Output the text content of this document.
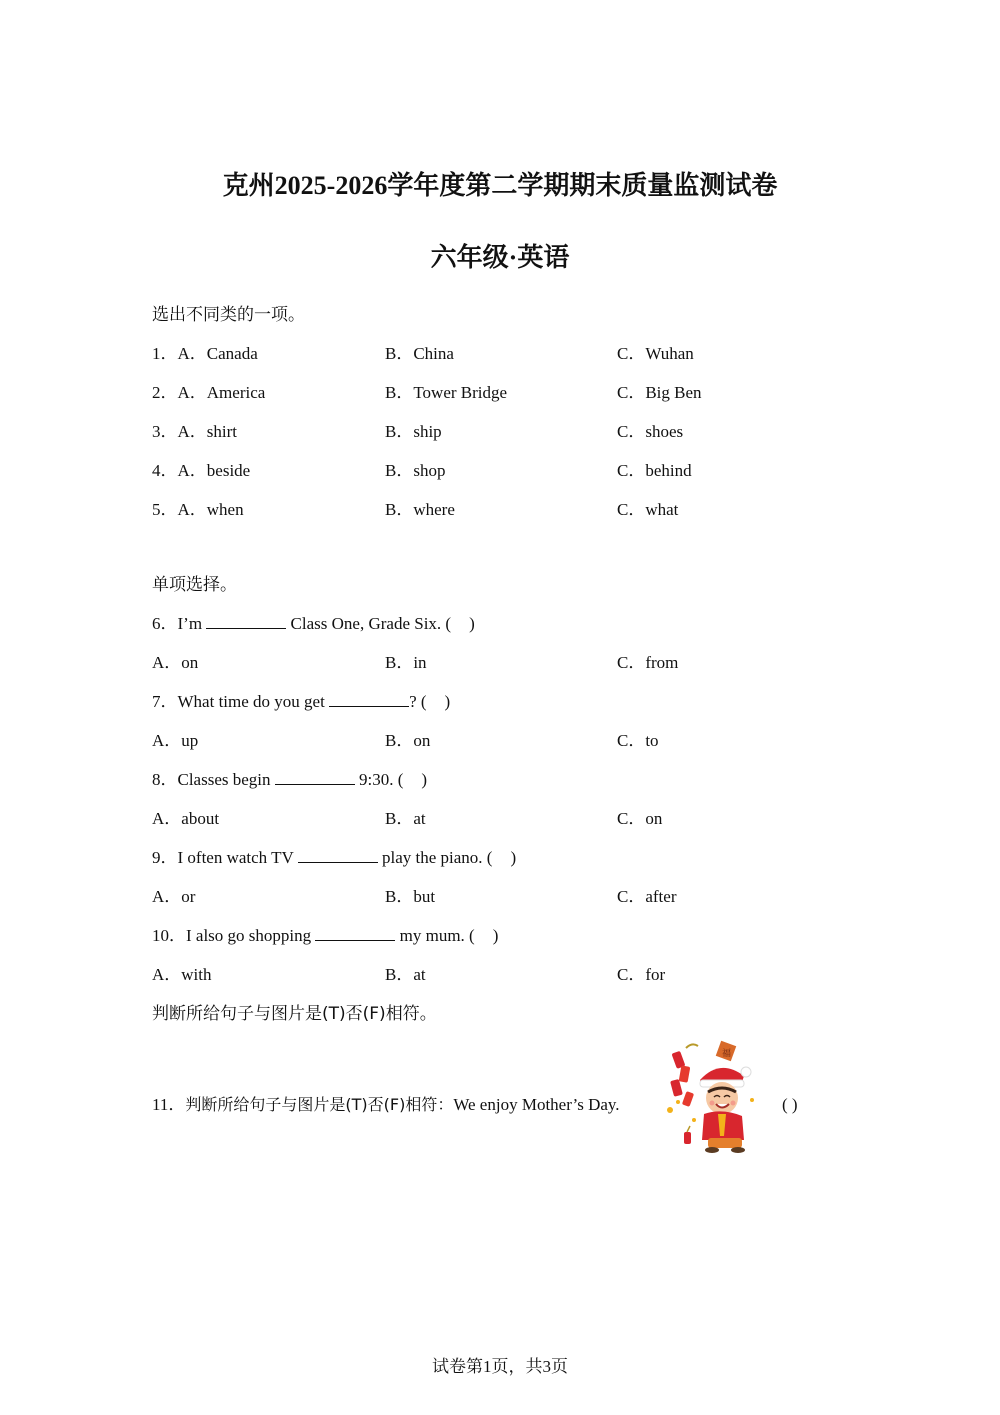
克州2025-2026学年度第二学期期末质量监测试卷
六年级·英语
选出不同类的一项。
1．A．Canada	B．China	C．Wuhan
2．A．America	B．Tower Bridge	C．Big Ben
3．A．shirt	B．ship	C．shoes
4．A．beside	B．shop	C．behind
5．A．when	B．where	C．what
单项选择。
6．I’m	Class One, Grade Six. ( )
A．on	B．in	C．from
7．What time do you get	? ( )
A．up	B．on	C．to
8．Classes begin	9:30. ( )
A．about	B．at	C．on
9．I often watch TV	play the piano. ( )
A．or	B．but	C．after
10．I also go shopping	my mum. ( )
A．with	B．at	C．for
判断所给句子与图片是(T)否(F)相符。
11．判断所给句子与图片是(T)否(F)相符：We enjoy Mother’s Day.
福
( )
试卷第1页，共3页
